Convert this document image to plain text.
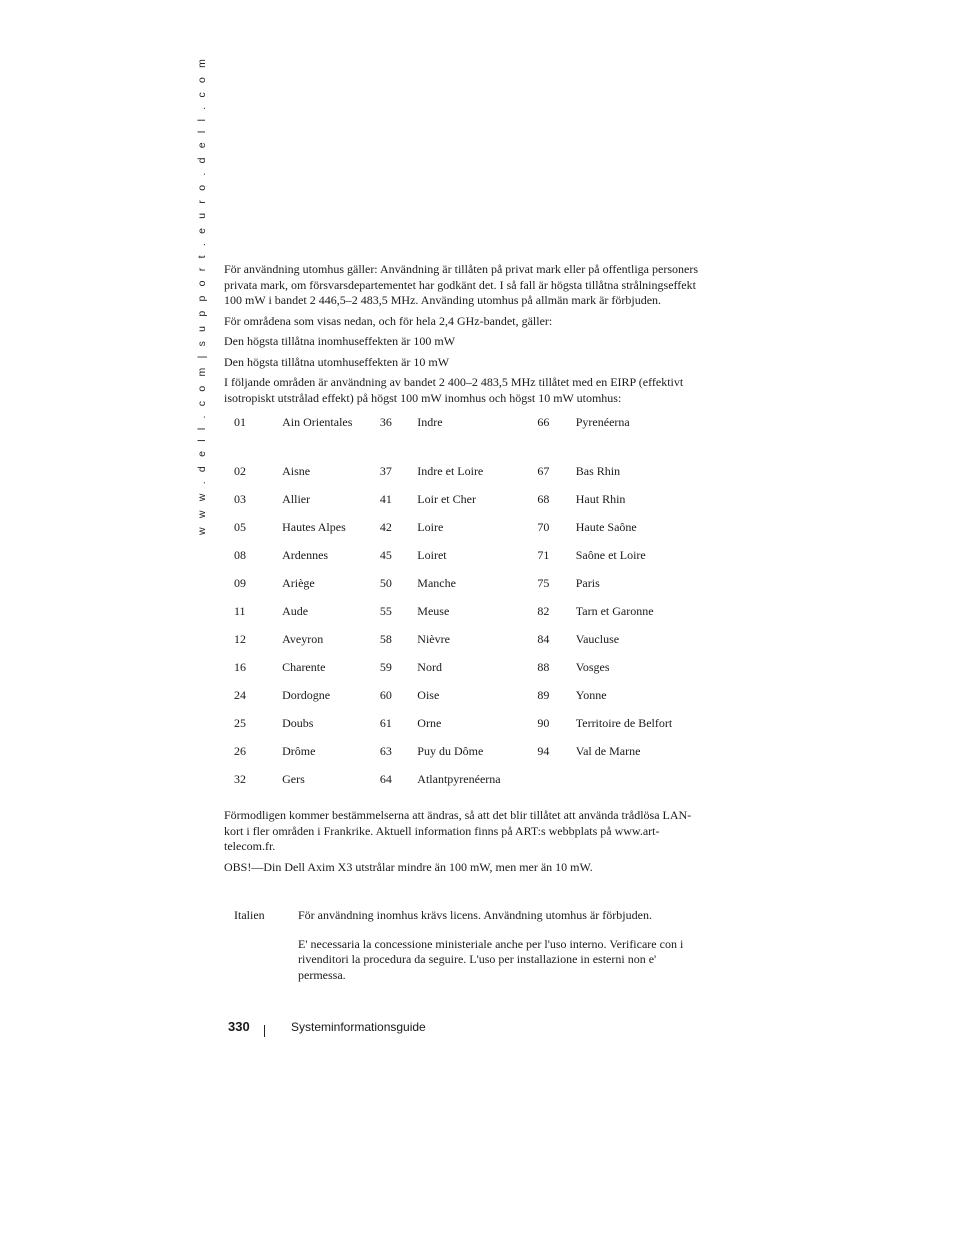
w w w . d e l l . c o m | s u p p o r t . e u r o . d e l l . c o m	För användning utomhus gäller: Användning är tillåten på privat mark eller på offentliga personers privata mark, om försvarsdepartementet har godkänt det. I så fall är högsta tillåtna strålningseffekt 100 mW i bandet 2 446,5–2 483,5 MHz. Använding utomhus på allmän mark är förbjuden.

För områdena som visas nedan, och för hela 2,4 GHz-bandet, gäller:

Den högsta tillåtna inomhuseffekten är 100 mW

Den högsta tillåtna utomhuseffekten är 10 mW

I följande områden är användning av bandet 2 400–2 483,5 MHz tillåtet med en EIRP (effektivt isotropiskt utstrålad effekt) på högst 100 mW inomhus och högst 10 mW utomhus:

01	Ain Orientales	36	Indre	66	Pyrenéerna
02	Aisne	37	Indre et Loire	67	Bas Rhin
03	Allier	41	Loir et Cher	68	Haut Rhin
05	Hautes Alpes	42	Loire	70	Haute Saône
08	Ardennes	45	Loiret	71	Saône et Loire
09	Ariège	50	Manche	75	Paris
11	Aude	55	Meuse	82	Tarn et Garonne
12	Aveyron	58	Nièvre	84	Vaucluse
16	Charente	59	Nord	88	Vosges
24	Dordogne	60	Oise	89	Yonne
25	Doubs	61	Orne	90	Territoire de Belfort
26	Drôme	63	Puy du Dôme	94	Val de Marne
32	Gers	64	Atlantpyrenéerna		

Förmodligen kommer bestämmelserna att ändras, så att det blir tillåtet att använda trådlösa LAN-kort i fler områden i Frankrike. Aktuell information finns på ART:s webbplats på www.art-telecom.fr.

OBS!—Din Dell Axim X3 utstrålar mindre än 100 mW, men mer än 10 mW.

Italien	För användning inomhus krävs licens. Användning utomhus är förbjuden.

E' necessaria la concessione ministeriale anche per l'uso interno. Verificare con i rivenditori la procedura da seguire. L'uso per installazione in esterni non e' permessa.

330	Systeminformationsguide
